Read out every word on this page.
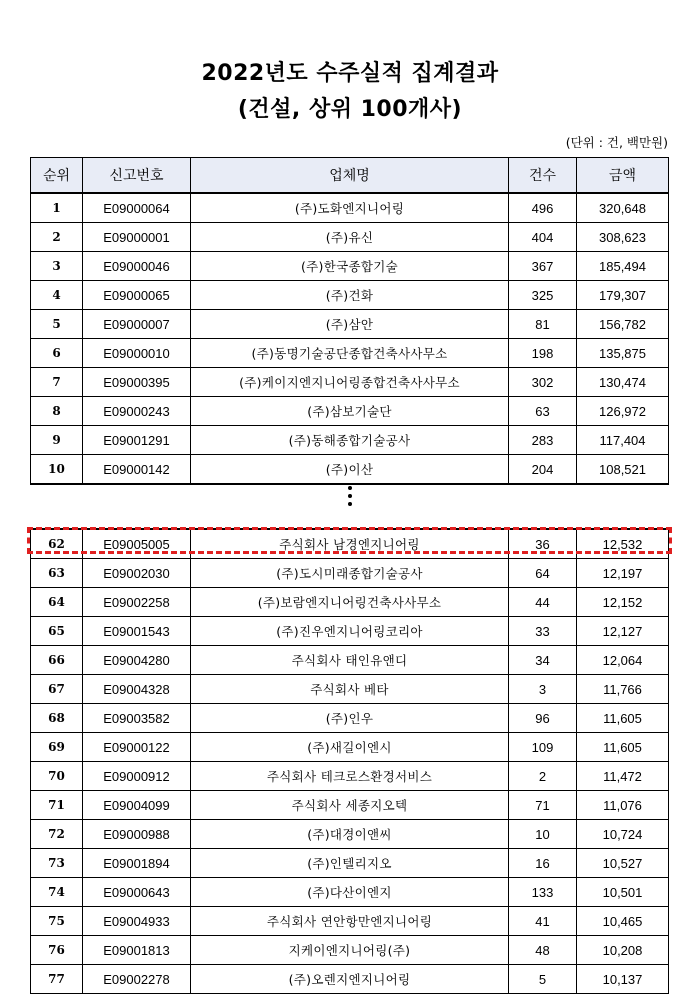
2022년도 수주실적 집계결과
(건설, 상위 100개사)
(단위 : 건, 백만원)
순위	신고번호	업체명	건수	금액
1	E09000064	(주)도화엔지니어링	496	320,648
2	E09000001	(주)유신	404	308,623
3	E09000046	(주)한국종합기술	367	185,494
4	E09000065	(주)건화	325	179,307
5	E09000007	(주)삼안	81	156,782
6	E09000010	(주)동명기술공단종합건축사사무소	198	135,875
7	E09000395	(주)케이지엔지니어링종합건축사사무소	302	130,474
8	E09000243	(주)삼보기술단	63	126,972
9	E09001291	(주)동해종합기술공사	283	117,404
10	E09000142	(주)이산	204	108,521
62	E09005005	주식회사 남경엔지니어링	36	12,532
63	E09002030	(주)도시미래종합기술공사	64	12,197
64	E09002258	(주)보람엔지니어링건축사사무소	44	12,152
65	E09001543	(주)진우엔지니어링코리아	33	12,127
66	E09004280	주식회사 태인유앤디	34	12,064
67	E09004328	주식회사 베타	3	11,766
68	E09003582	(주)인우	96	11,605
69	E09000122	(주)새길이엔시	109	11,605
70	E09000912	주식회사 테크로스환경서비스	2	11,472
71	E09004099	주식회사 세종지오텍	71	11,076
72	E09000988	(주)대경이앤씨	10	10,724
73	E09001894	(주)인텔리지오	16	10,527
74	E09000643	(주)다산이엔지	133	10,501
75	E09004933	주식회사 연안항만엔지니어링	41	10,465
76	E09001813	지케이엔지니어링(주)	48	10,208
77	E09002278	(주)오렌지엔지니어링	5	10,137
